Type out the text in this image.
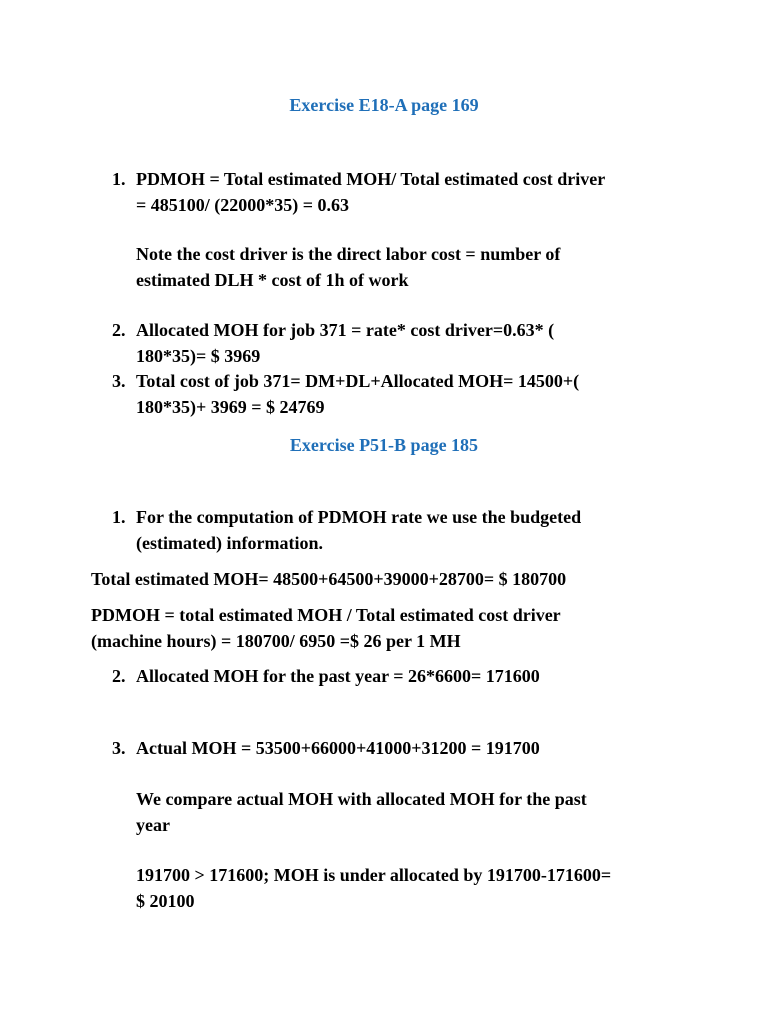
Exercise E18-A page 169
1. PDMOH = Total estimated MOH/ Total estimated cost driver
= 485100/ (22000*35) = 0.63
Note the cost driver is the direct labor cost = number of
estimated DLH * cost of 1h of work
2. Allocated MOH for job 371 = rate* cost driver=0.63* (
180*35)= $ 3969
3. Total cost of job 371= DM+DL+Allocated MOH= 14500+(
180*35)+ 3969 = $ 24769
Exercise P51-B page 185
1. For the computation of PDMOH rate we use the budgeted
(estimated) information.
Total estimated MOH= 48500+64500+39000+28700= $ 180700
PDMOH = total estimated MOH / Total estimated cost driver
(machine hours) = 180700/ 6950 =$ 26 per 1 MH
2. Allocated MOH for the past year = 26*6600= 171600
3. Actual MOH = 53500+66000+41000+31200 = 191700
We compare actual MOH with allocated MOH for the past
year
191700 > 171600; MOH is under allocated by 191700-171600=
$ 20100
